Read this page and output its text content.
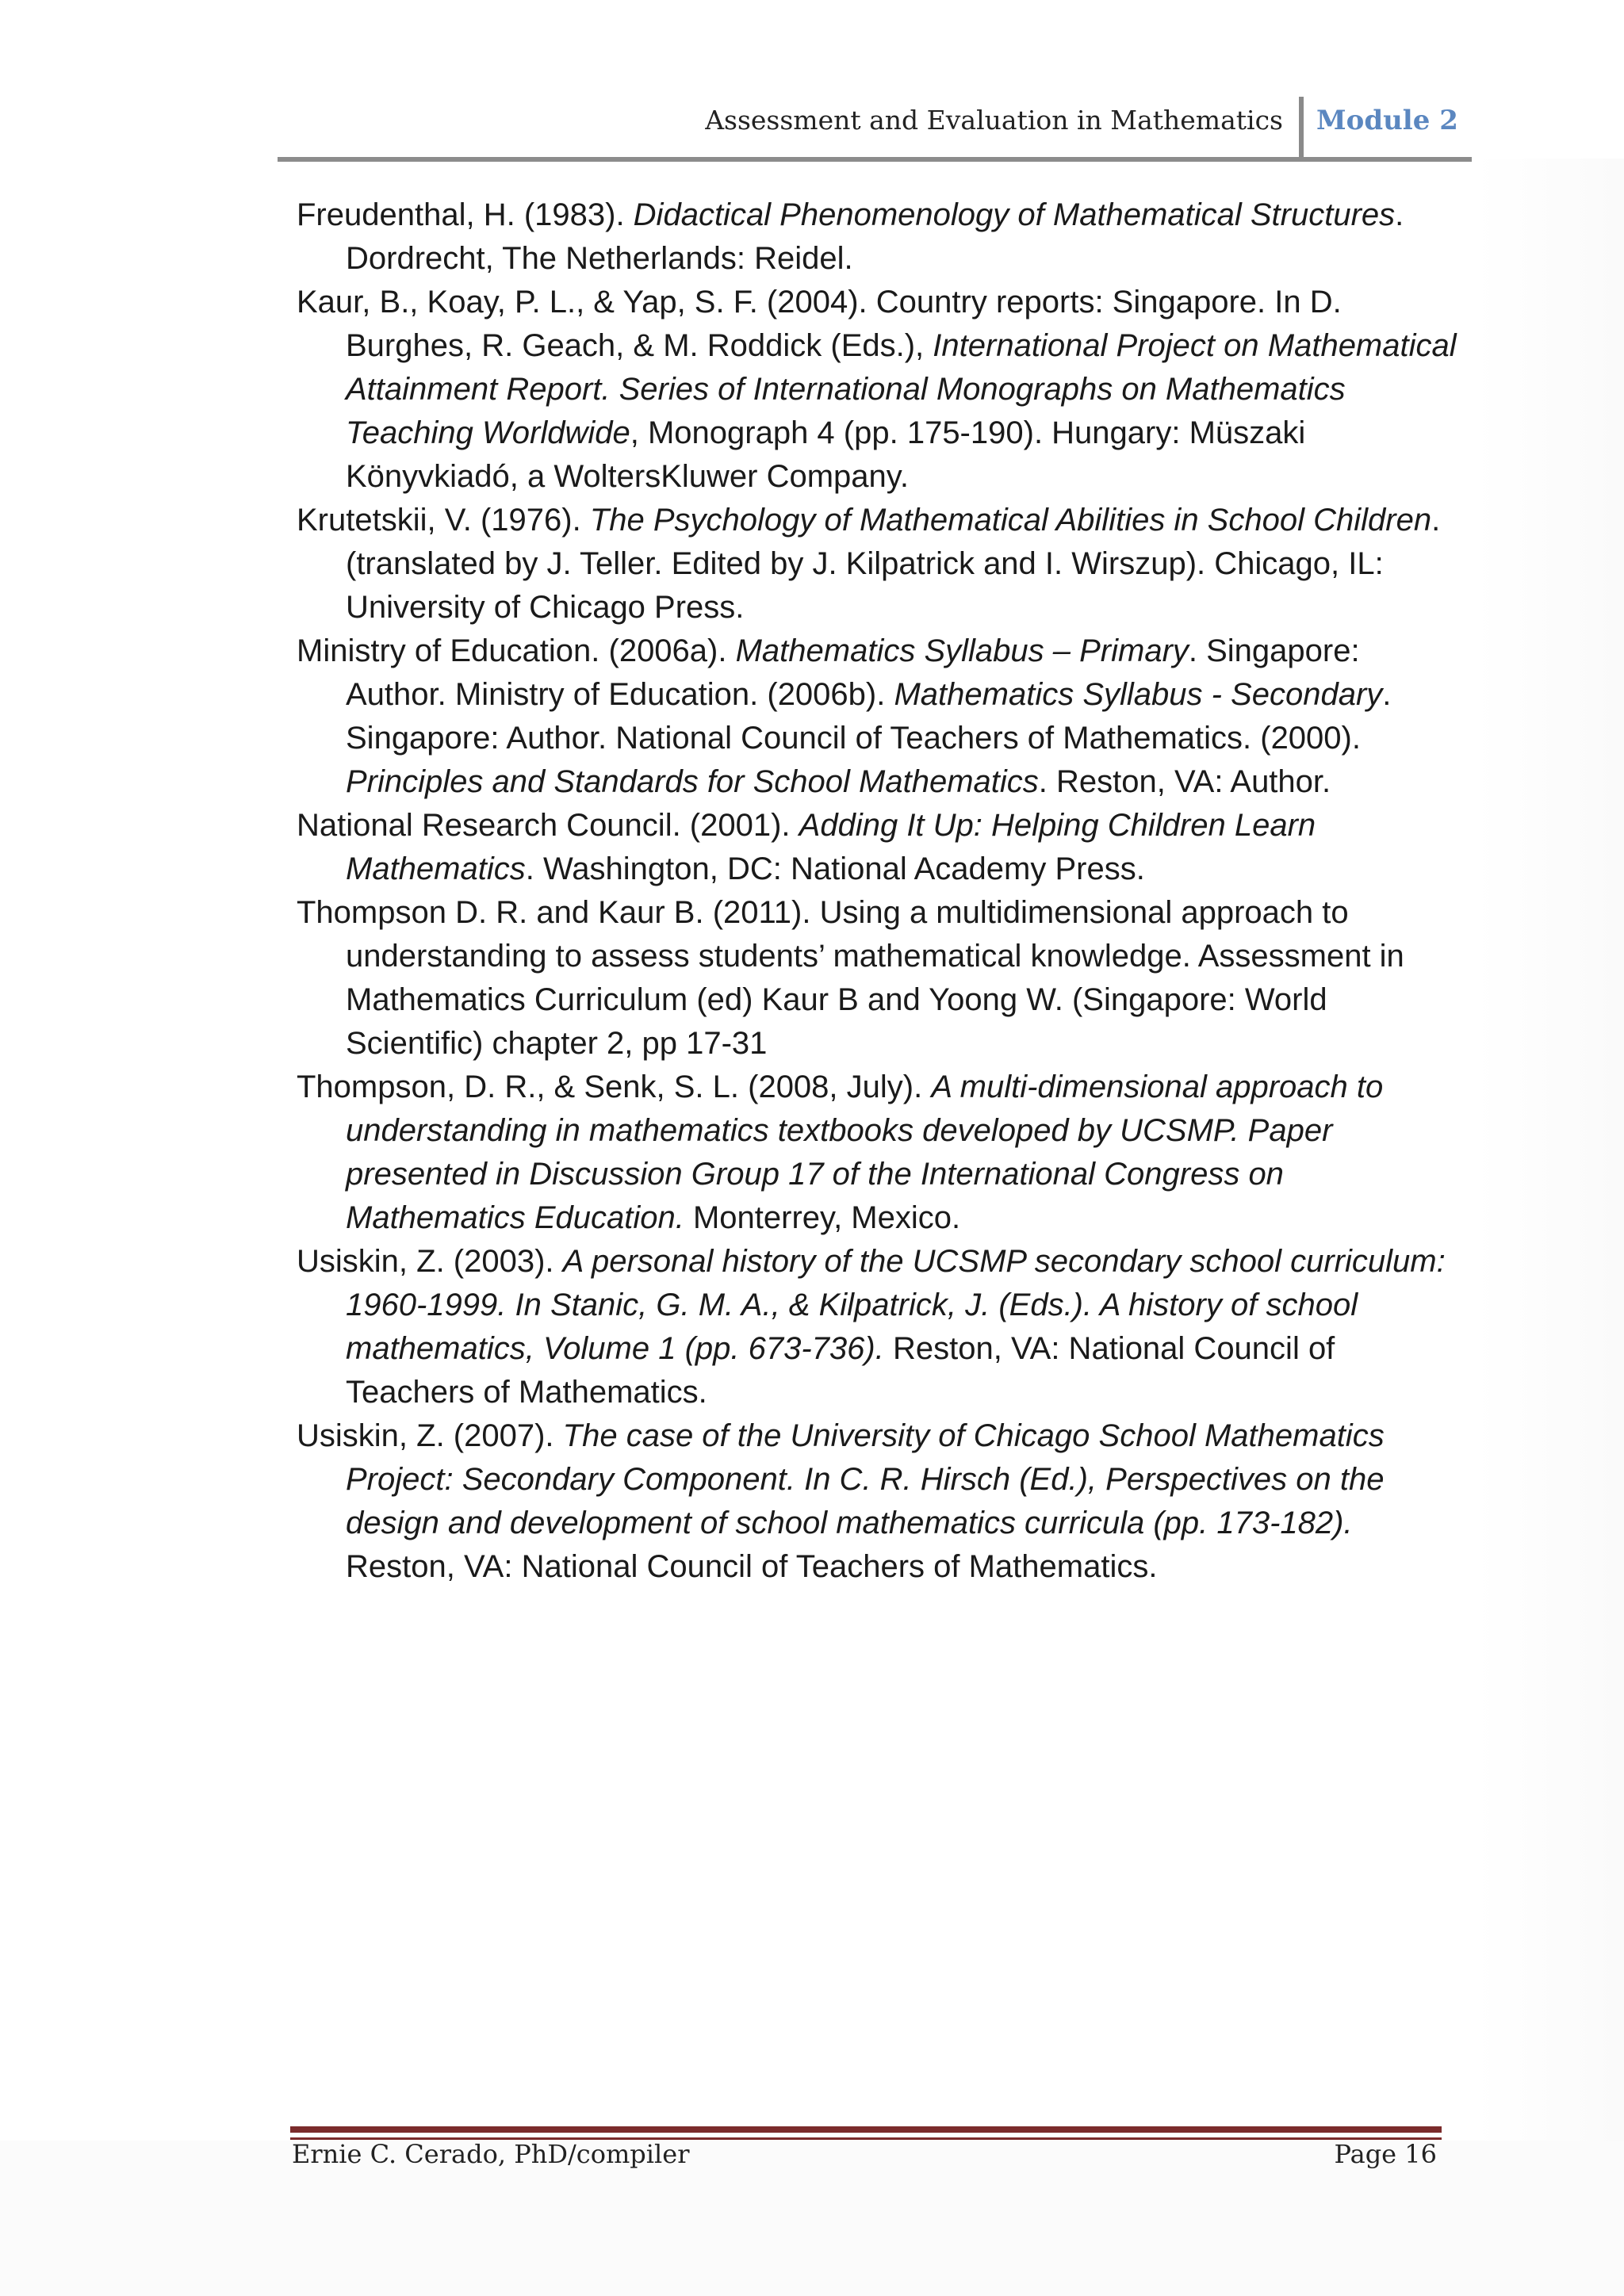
Assessment and Evaluation in Mathematics Module 2

Freudenthal, H. (1983). Didactical Phenomenology of Mathematical Structures. Dordrecht, The Netherlands: Reidel.

Kaur, B., Koay, P. L., & Yap, S. F. (2004). Country reports: Singapore. In D. Burghes, R. Geach, & M. Roddick (Eds.), International Project on Mathematical Attainment Report. Series of International Monographs on Mathematics Teaching Worldwide, Monograph 4 (pp. 175-190). Hungary: Müszaki Könyvkiadó, a WoltersKluwer Company.

Krutetskii, V. (1976). The Psychology of Mathematical Abilities in School Children. (translated by J. Teller. Edited by J. Kilpatrick and I. Wirszup). Chicago, IL: University of Chicago Press.

Ministry of Education. (2006a). Mathematics Syllabus – Primary. Singapore: Author. Ministry of Education. (2006b). Mathematics Syllabus - Secondary. Singapore: Author. National Council of Teachers of Mathematics. (2000). Principles and Standards for School Mathematics. Reston, VA: Author.

National Research Council. (2001). Adding It Up: Helping Children Learn Mathematics. Washington, DC: National Academy Press.

Thompson D. R. and Kaur B. (2011). Using a multidimensional approach to understanding to assess students’ mathematical knowledge. Assessment in Mathematics Curriculum (ed) Kaur B and Yoong W. (Singapore: World Scientific) chapter 2, pp 17-31

Thompson, D. R., & Senk, S. L. (2008, July). A multi-dimensional approach to understanding in mathematics textbooks developed by UCSMP. Paper presented in Discussion Group 17 of the International Congress on Mathematics Education. Monterrey, Mexico.

Usiskin, Z. (2003). A personal history of the UCSMP secondary school curriculum: 1960-1999. In Stanic, G. M. A., & Kilpatrick, J. (Eds.). A history of school mathematics, Volume 1 (pp. 673-736). Reston, VA: National Council of Teachers of Mathematics.

Usiskin, Z. (2007). The case of the University of Chicago School Mathematics Project: Secondary Component. In C. R. Hirsch (Ed.), Perspectives on the design and development of school mathematics curricula (pp. 173-182). Reston, VA: National Council of Teachers of Mathematics.

Ernie C. Cerado, PhD/compiler	Page 16
